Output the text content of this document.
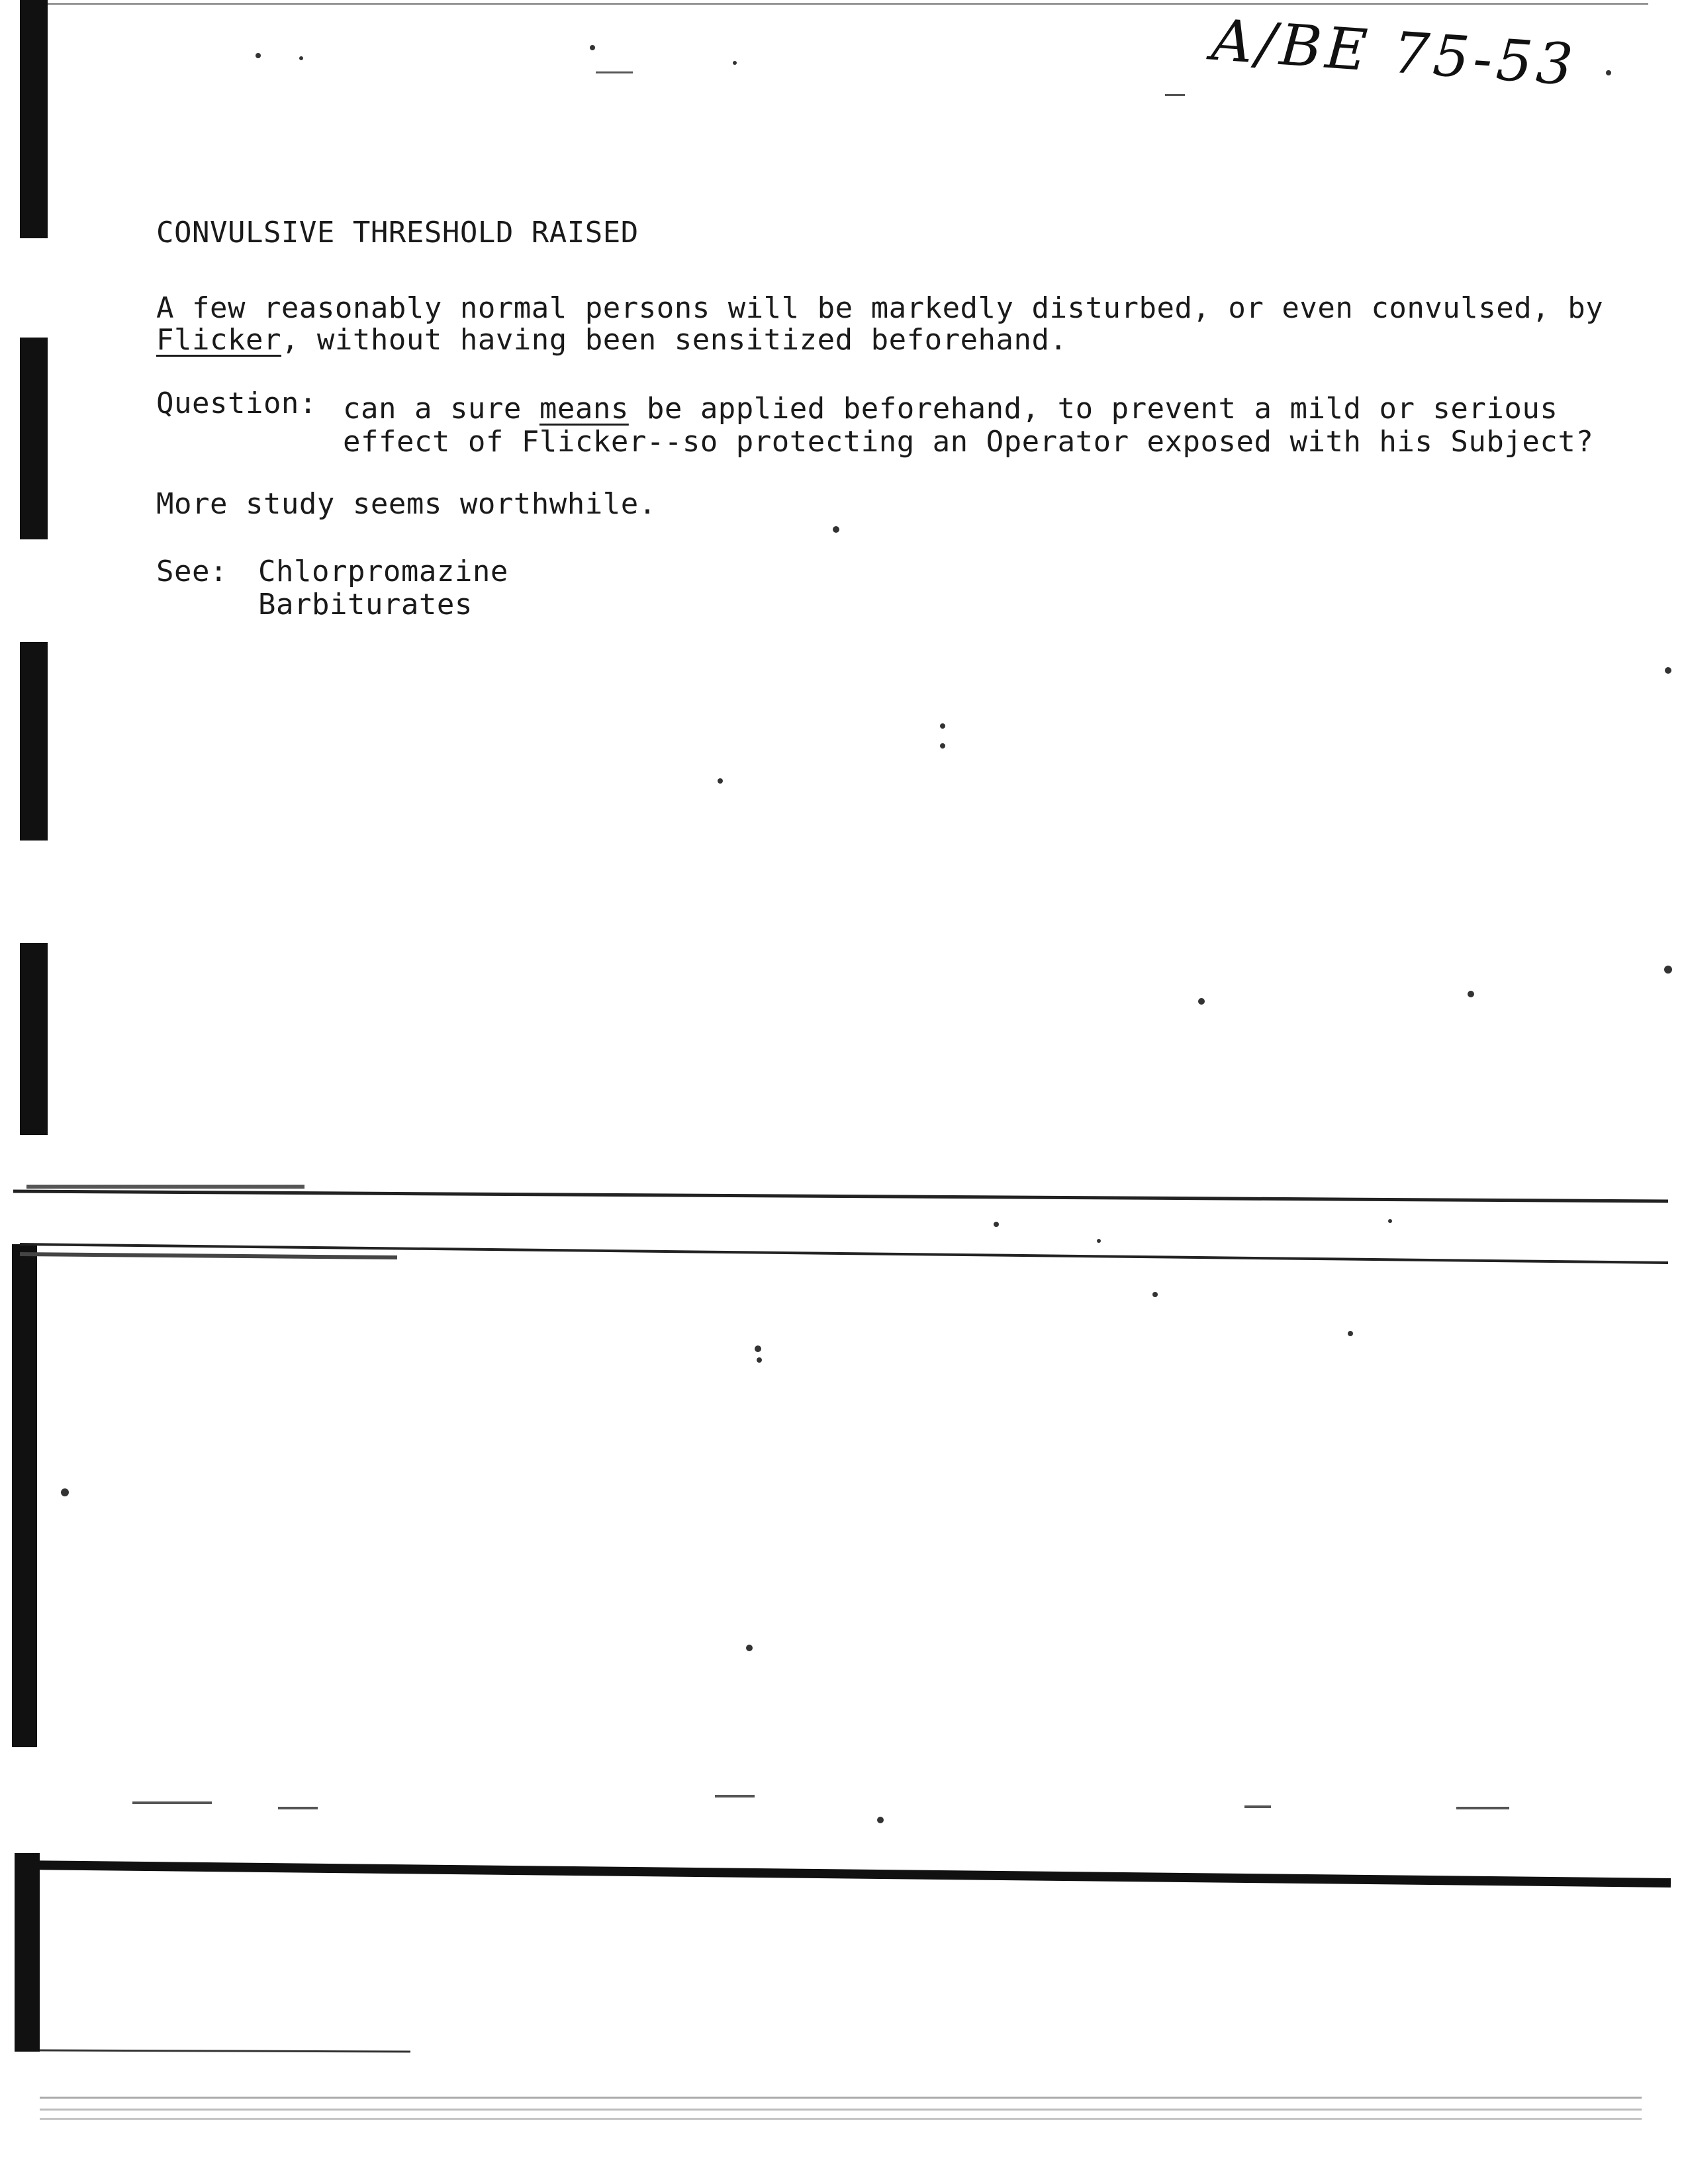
A/BE 75-53
CONVULSIVE THRESHOLD RAISED
A few reasonably normal persons will be markedly disturbed, or even convulsed, by
Flicker, without having been sensitized beforehand.
Question: can a sure means be applied beforehand, to prevent a mild or serious
effect of Flicker--so protecting an Operator exposed with his Subject?
More study seems worthwhile.
See: Chlorpromazine
Barbiturates
